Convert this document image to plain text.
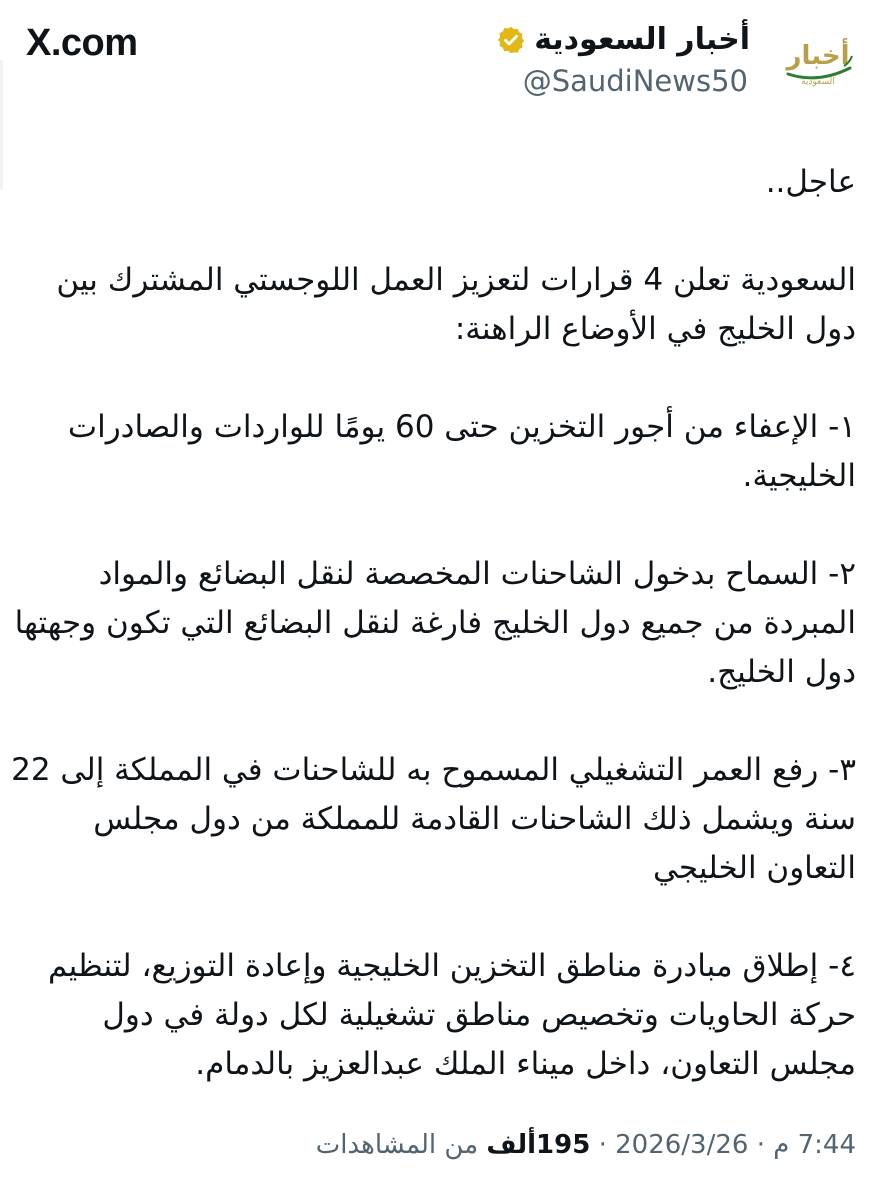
X.com	أخبار السعودية
@SaudiNews50
أخبار
السعودية

عاجل..

السعودية تعلن 4 قرارات لتعزيز العمل اللوجستي المشترك بين دول الخليج في الأوضاع الراهنة:

١- الإعفاء من أجور التخزين حتى 60 يومًا للواردات والصادرات الخليجية.

٢- السماح بدخول الشاحنات المخصصة لنقل البضائع والمواد المبردة من جميع دول الخليج فارغة لنقل البضائع التي تكون وجهتها دول الخليج.

٣- رفع العمر التشغيلي المسموح به للشاحنات في المملكة إلى 22 سنة ويشمل ذلك الشاحنات القادمة للمملكة من دول مجلس التعاون الخليجي

٤- إطلاق مبادرة مناطق التخزين الخليجية وإعادة التوزيع، لتنظيم حركة الحاويات وتخصيص مناطق تشغيلية لكل دولة في دول مجلس التعاون، داخل ميناء الملك عبدالعزيز بالدمام.

7:44 م · 2026/3/26 · 195ألف من المشاهدات
